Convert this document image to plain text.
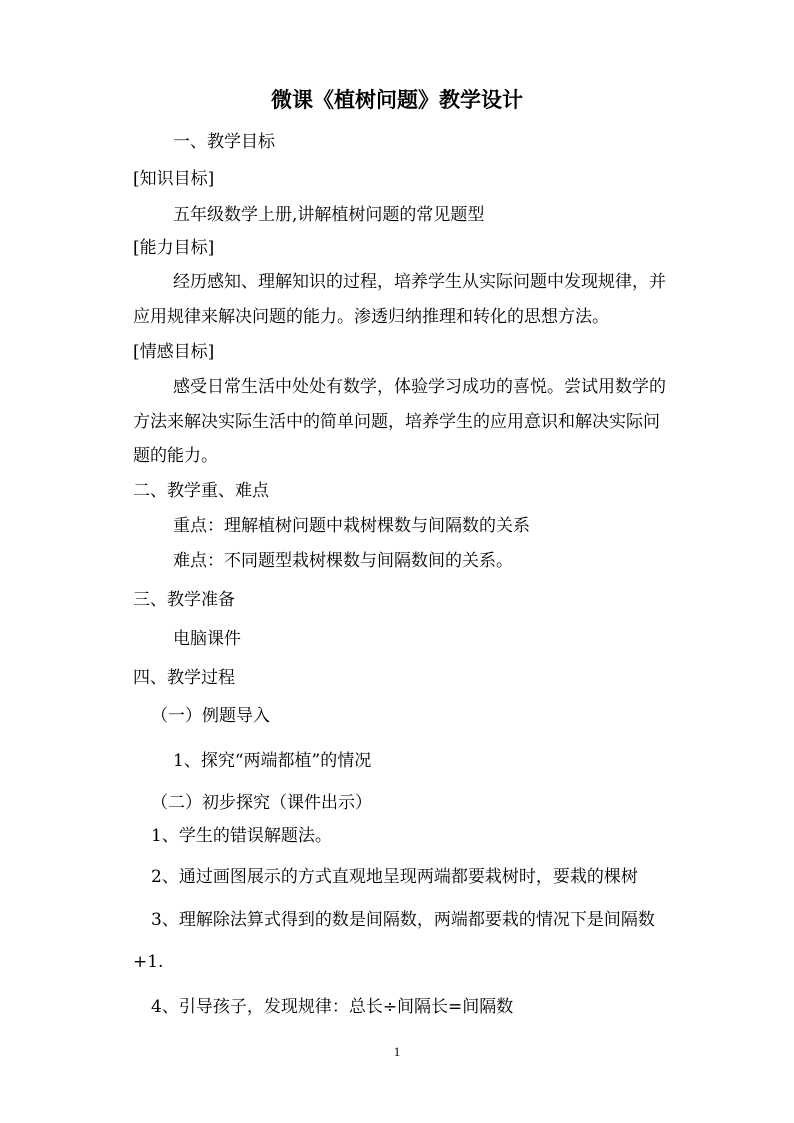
微课《植树问题》教学设计
一、教学目标
[知识目标]
五年级数学上册,讲解植树问题的常见题型
[能力目标]
经历感知、理解知识的过程，培养学生从实际问题中发现规律，并
应用规律来解决问题的能力。渗透归纳推理和转化的思想方法。
[情感目标]
感受日常生活中处处有数学，体验学习成功的喜悦。尝试用数学的
方法来解决实际生活中的简单问题，培养学生的应用意识和解决实际问
题的能力。
二、教学重、难点
重点：理解植树问题中栽树棵数与间隔数的关系
难点：不同题型栽树棵数与间隔数间的关系。
三、教学准备
电脑课件
四、教学过程
（一）例题导入
1、探究“两端都植”的情况
（二）初步探究（课件出示）
1、学生的错误解题法。
2、通过画图展示的方式直观地呈现两端都要栽树时，要栽的棵树
3、理解除法算式得到的数是间隔数，两端都要栽的情况下是间隔数
+1.
4、引导孩子，发现规律：总长÷间隔长=间隔数
1
